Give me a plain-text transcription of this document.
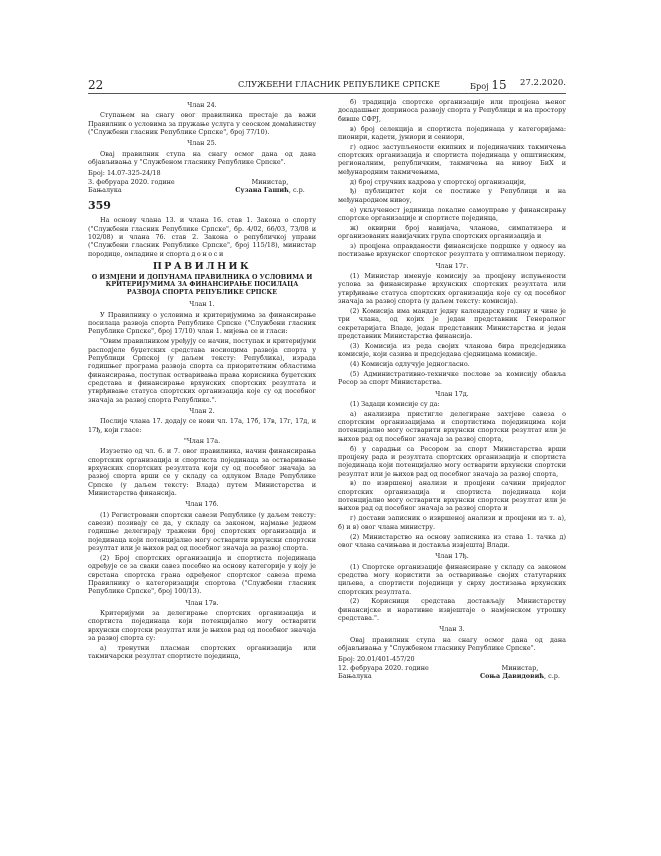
22	СЛУЖБЕНИ ГЛАСНИК РЕПУБЛИКЕ СРПСКЕ	Број 15 27.2.2020.
Члан 24.

Ступањем на снагу овог правилника престаје да важи Правилник о условима за пружање услуга у сеоском домаћинству ("Службени гласник Републике Српске", број 77/10).

Члан 25.

Овај правилник ступа на снагу осмог дана од дана објављивања у "Службеном гласнику Републике Српске".

Број: 14.07-325-24/18
3. фебруара 2020. године	Министар,
Бањалука	Сузана Гашић, с.р.
359

На основу члана 13. и члана 16. став 1. Закона о спорту ("Службени гласник Републике Српске", бр. 4/02, 66/03, 73/08 и 102/08) и члана 76. став 2. Закона о републичкој управи ("Службени гласник Републике Српске", број 115/18), министар породице, омладине и спорта доноси

ПРАВИЛНИК
О ИЗМЈЕНИ И ДОПУНАМА ПРАВИЛНИКА О УСЛОВИМА И КРИТЕРИЈУМИМА ЗА ФИНАНСИРАЊЕ ПОСИЛАЦА РАЗВОЈА СПОРТА РЕПУБЛИКЕ СРПСКЕ
Члан 1.

У Правилнику о условима и критеријумима за финансирање посилаца развоја спорта Републике Српске ("Службени гласник Републике Српске", број 17/10) члан 1. мијења се и гласи:

"Овим правилником уређују се начин, поступак и критеријуми расподјеле буџетских средстава носиоцима развоја спорта у Републици Српској (у даљем тексту: Република), израда годишњег програма развоја спорта са приоритетним областима финансирања, поступак остваривања права корисника буџетских средстава и финансирање врхунских спортских резултата и утврђивање статуса спортских организација које су од посебног значаја за развој спорта Републике.".

Члан 2.

Послије члана 17. додају се нови чл. 17а, 17б, 17в, 17г, 17д, и 17ђ, који гласе:

"Члан 17а.

Изузетно од чл. 6. и 7. овог правилника, начин финансирања спортских организација и спортиста појединаца за остваривање врхунских спортских резултата који су од посебног значаја за развој спорта врши се у складу са одлуком Владе Републике Српске (у даљем тексту: Влада) путем Министарства и Министарства финансија.

Члан 17б.

(1) Регистровани спортски савези Републике (у даљем тексту: савези) позивају се да, у складу са законом, најмање једном годишње делегирају тражени број спортских организација и појединаца који потенцијално могу остварити врхунски спортски резултат или је њихов рад од посебног значаја за развој спорта.

(2) Број спортских организација и спортиста појединаца одређује се за сваки савез посебно на основу категорије у коју је сврстана спортска грана одређеног спортског савеза према Правилнику о категоризацији спортова ("Службени гласник Републике Српске", број 100/13).

Члан 17в.

Критеријуми за делегирање спортских организација и спортиста појединаца који потенцијално могу остварити врхунски спортски резултат или је њихов рад од посебног значаја за развој спорта су:

а) тренутни пласман спортских организација или такмичарски резултат спортисте појединца,

б) традиција спортске организације или процјена њеног досадашњег доприноса развоју спорта у Републици и на простору бивше СФРЈ,

в) број селекција и спортиста појединаца у категоријама: пионири, кадети, јуниори и сениори,

г) однос заступљености екипних и појединачних такмичења спортских организација и спортиста појединаца у општинским, регионалним, републичким, такмичења на нивоу БиХ и међународним такмичењима,

д) број стручних кадрова у спортској организацији,

ђ) публицитет који се постиже у Републици и на међународном нивоу,

е) укљученост јединица локалне самоуправе у финансирању спортске организације и спортисте појединца,

ж) оквирни број навијача, чланова, симпатизера и организованих навијачких група спортских организација и

з) процјена оправданости финансијске подршке у односу на постизање врхунског спортског резултата у оптималном периоду.

Члан 17г.

(1) Министар именује комисију за процјену испуњености услова за финансирање врхунских спортских резултата или утврђивање статуса спортских организација које су од посебног значаја за развој спорта (у даљем тексту: комисија).

(2) Комисија има мандат једну календарску годину и чине је три члана, од којих је један представник Генералног секретаријата Владе, један представник Министарства и један представник Министарства финансија.

(3) Комисија из реда својих чланова бира предсједника комисије, који сазива и предсједава сједницама комисије.

(4) Комисија одлучује једногласно.

(5) Административно-техничке послове за комисију обавља Ресор за спорт Министарства.

Члан 17д.

(1) Задаци комисије су да:

а) анализира пристигле делегиране захтјеве савеза о спортским организацијама и спортистима појединцима који потенцијално могу остварити врхунски спортски резултат или је њихов рад од посебног значаја за развој спорта,

б) у сарадњи са Ресором за спорт Министарства врши процјену рада и резултата спортских организација и спортиста појединаца који потенцијално могу остварити врхунски спортски резултат или је њихов рад од посебног значаја за развој спорта,

в) по извршеној анализи и процјени сачини приједлог спортских организација и спортиста појединаца који потенцијално могу остварити врхунски спортски резултат или је њихов рад од посебног значаја за развој спорта и

г) достави записник о извршеној анализи и процјени из т. а), б) и в) овог члана министру.

(2) Министарство на основу записника из става 1. тачка д) овог члана сачињава и доставља извјештај Влади.

Члан 17ђ.

(1) Спортске организације финансиране у складу са законом средства могу користити за остваривање својих статутарних циљева, а спортисти појединци у сврху достизања врхунских спортских резултата.

(2) Корисници средстава достављају Министарству финансијске и наративне извјештаје о намјенском утрошку средстава.".

Члан 3.

Овај правилник ступа на снагу осмог дана од дана објављивања у "Службеном гласнику Републике Српске".

Број: 20.01/401-457/20
12. фебруара 2020. године	Министар,
Бањалука	Соња Давидовић, с.р.
